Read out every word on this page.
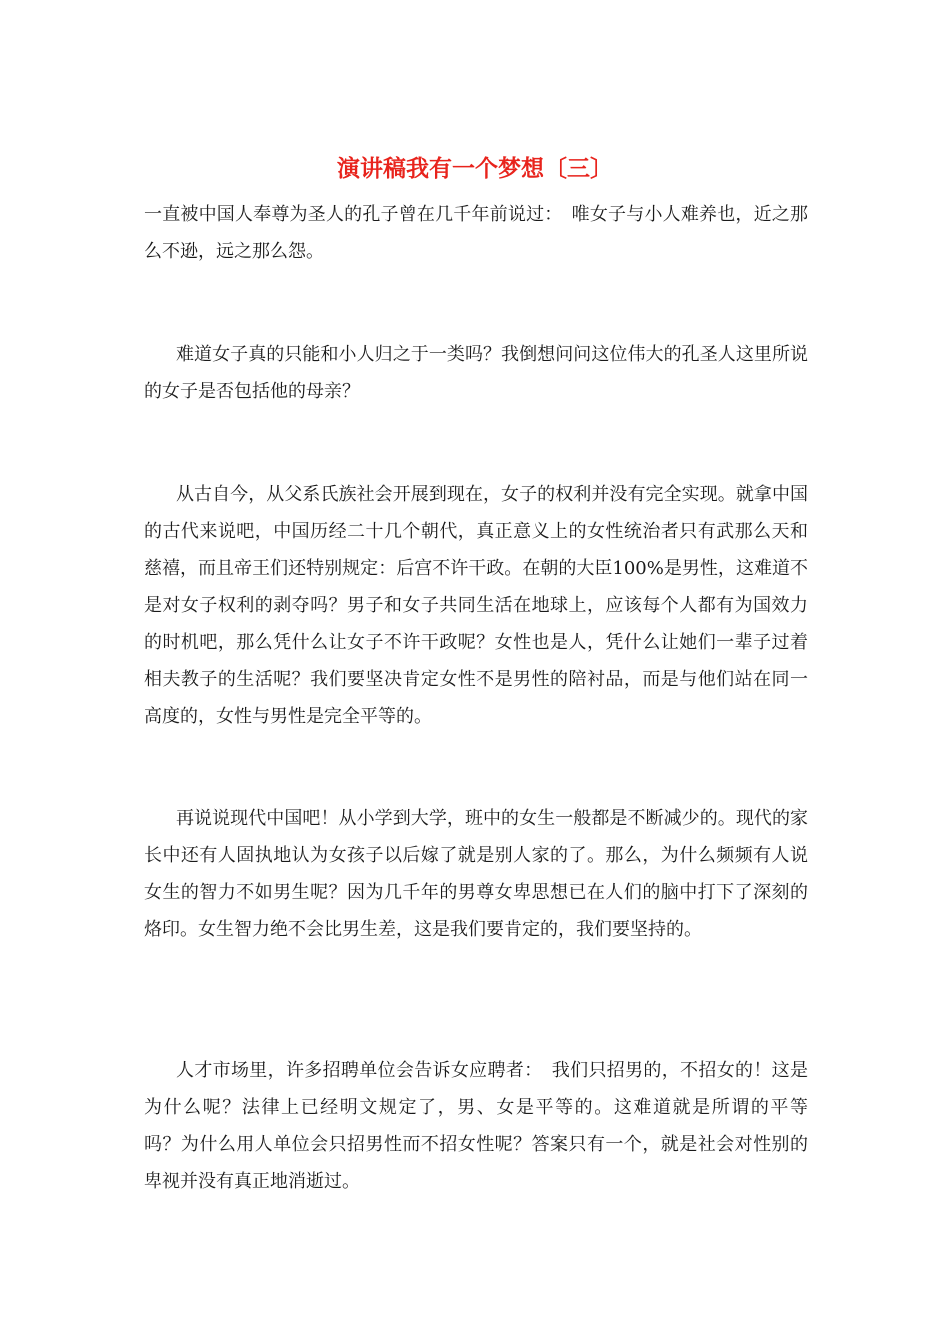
演讲稿我有一个梦想〔三〕

一直被中国人奉尊为圣人的孔子曾在几千年前说过：　唯女子与小人难养也，近之那么不逊，远之那么怨。

难道女子真的只能和小人归之于一类吗？我倒想问问这位伟大的孔圣人这里所说的女子是否包括他的母亲？

从古自今，从父系氏族社会开展到现在，女子的权利并没有完全实现。就拿中国的古代来说吧，中国历经二十几个朝代，真正意义上的女性统治者只有武那么天和慈禧，而且帝王们还特别规定：后宫不许干政。在朝的大臣100%是男性，这难道不是对女子权利的剥夺吗？男子和女子共同生活在地球上，应该每个人都有为国效力的时机吧，那么凭什么让女子不许干政呢？女性也是人，凭什么让她们一辈子过着相夫教子的生活呢？我们要坚决肯定女性不是男性的陪衬品，而是与他们站在同一高度的，女性与男性是完全平等的。

再说说现代中国吧！从小学到大学，班中的女生一般都是不断减少的。现代的家长中还有人固执地认为女孩子以后嫁了就是别人家的了。那么，为什么频频有人说女生的智力不如男生呢？因为几千年的男尊女卑思想已在人们的脑中打下了深刻的烙印。女生智力绝不会比男生差，这是我们要肯定的，我们要坚持的。

人才市场里，许多招聘单位会告诉女应聘者：　我们只招男的，不招女的！这是为什么呢？法律上已经明文规定了，男、女是平等的。这难道就是所谓的平等　吗？为什么用人单位会只招男性而不招女性呢？答案只有一个，就是社会对性别的卑视并没有真正地消逝过。
